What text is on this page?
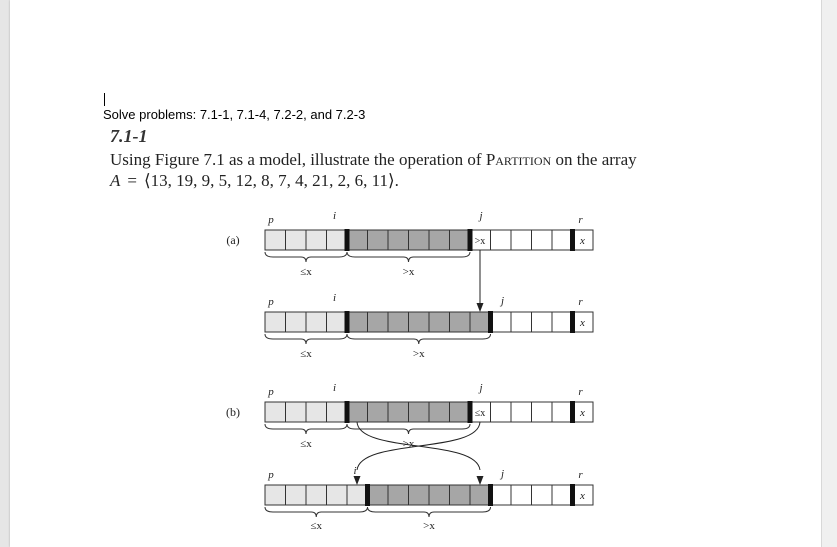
Solve problems: 7.1-1, 7.1-4, 7.2-2, and 7.2-3
7.1-1
Using Figure 7.1 as a model, illustrate the operation of Partition on the array
A = ⟨13, 19, 9, 5, 12, 8, 7, 4, 21, 2, 6, 11⟩.
(a)
(b)
p	i	j	r
>x	x
≤x	>x
p	i	j	r
x
≤x	>x
p	i	j	r
≤x	x
≤x	>x
p	i	j	r
x
≤x	>x
